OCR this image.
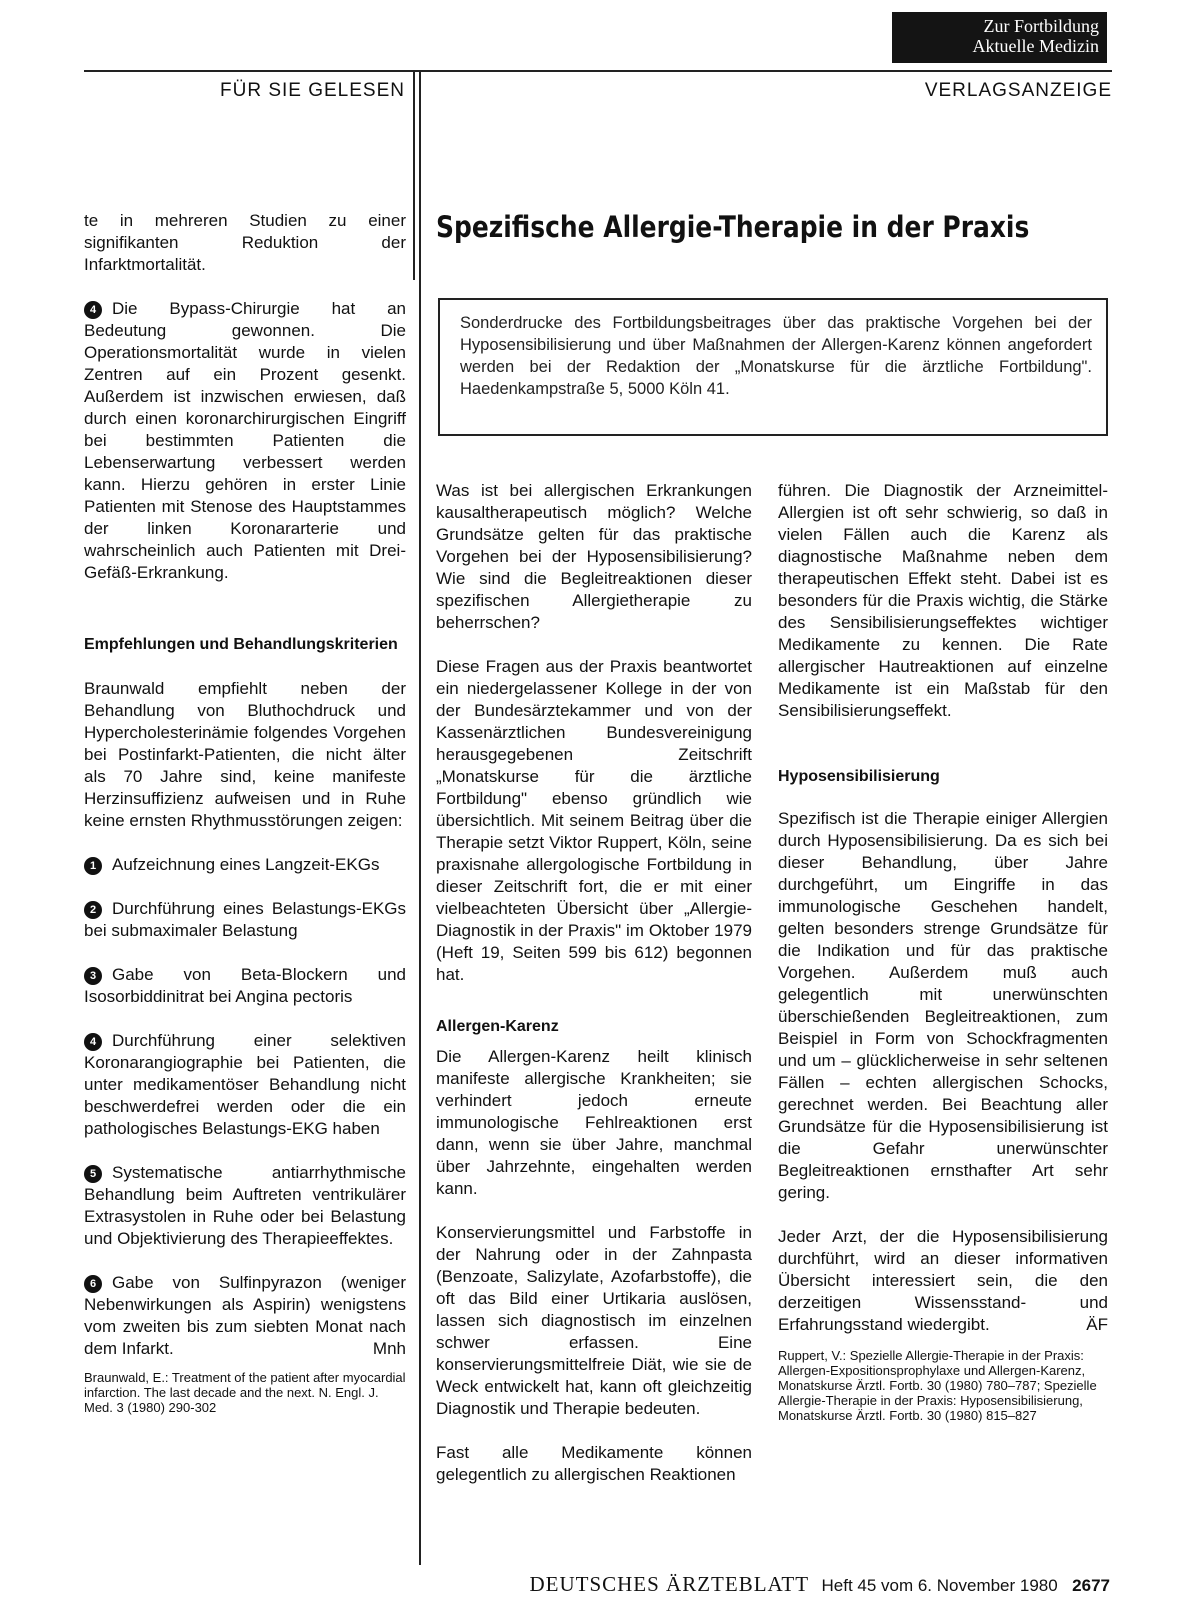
Zur Fortbildung
Aktuelle Medizin
FÜR SIE GELESEN	VERLAGSANZEIGE
Spezifische Allergie-Therapie in der Praxis
Sonderdrucke des Fortbildungsbeitrages über das praktische Vorgehen bei der Hyposensibilisierung und über Maßnahmen der Allergen-Karenz können angefordert werden bei der Redaktion der „Monatskurse für die ärztliche Fortbildung". Haedenkampstraße 5, 5000 Köln 41.

te in mehreren Studien zu einer signifikanten Reduktion der Infarktmortalität.

4 Die Bypass-Chirurgie hat an Bedeutung gewonnen. Die Operationsmortalität wurde in vielen Zentren auf ein Prozent gesenkt. Außerdem ist inzwischen erwiesen, daß durch einen koronarchirurgischen Eingriff bei bestimmten Patienten die Lebenserwartung verbessert werden kann. Hierzu gehören in erster Linie Patienten mit Stenose des Hauptstammes der linken Koronararterie und wahrscheinlich auch Patienten mit Drei-Gefäß-Erkrankung.

Empfehlungen und Behandlungskriterien

Braunwald empfiehlt neben der Behandlung von Bluthochdruck und Hypercholesterinämie folgendes Vorgehen bei Postinfarkt-Patienten, die nicht älter als 70 Jahre sind, keine manifeste Herzinsuffizienz aufweisen und in Ruhe keine ernsten Rhythmusstörungen zeigen:

1 Aufzeichnung eines Langzeit-EKGs

2 Durchführung eines Belastungs-EKGs bei submaximaler Belastung

3 Gabe von Beta-Blockern und Isosorbiddinitrat bei Angina pectoris

4 Durchführung einer selektiven Koronarangiographie bei Patienten, die unter medikamentöser Behandlung nicht beschwerdefrei werden oder die ein pathologisches Belastungs-EKG haben

5 Systematische antiarrhythmische Behandlung beim Auftreten ventrikulärer Extrasystolen in Ruhe oder bei Belastung und Objektivierung des Therapieeffektes.

6 Gabe von Sulfinpyrazon (weniger Nebenwirkungen als Aspirin) wenigstens vom zweiten bis zum siebten Monat nach dem Infarkt.	Mnh

Braunwald, E.: Treatment of the patient after myocardial infarction. The last decade and the next. N. Engl. J. Med. 3 (1980) 290-302

Was ist bei allergischen Erkrankungen kausaltherapeutisch möglich? Welche Grundsätze gelten für das praktische Vorgehen bei der Hyposensibilisierung? Wie sind die Begleitreaktionen dieser spezifischen Allergietherapie zu beherrschen?

Diese Fragen aus der Praxis beantwortet ein niedergelassener Kollege in der von der Bundesärztekammer und von der Kassenärztlichen Bundesvereinigung herausgegebenen Zeitschrift „Monatskurse für die ärztliche Fortbildung" ebenso gründlich wie übersichtlich. Mit seinem Beitrag über die Therapie setzt Viktor Ruppert, Köln, seine praxisnahe allergologische Fortbildung in dieser Zeitschrift fort, die er mit einer vielbeachteten Übersicht über „Allergie-Diagnostik in der Praxis" im Oktober 1979 (Heft 19, Seiten 599 bis 612) begonnen hat.

Allergen-Karenz

Die Allergen-Karenz heilt klinisch manifeste allergische Krankheiten; sie verhindert jedoch erneute immunologische Fehlreaktionen erst dann, wenn sie über Jahre, manchmal über Jahrzehnte, eingehalten werden kann.

Konservierungsmittel und Farbstoffe in der Nahrung oder in der Zahnpasta (Benzoate, Salizylate, Azofarbstoffe), die oft das Bild einer Urtikaria auslösen, lassen sich diagnostisch im einzelnen schwer erfassen. Eine konservierungsmittelfreie Diät, wie sie de Weck entwickelt hat, kann oft gleichzeitig Diagnostik und Therapie bedeuten.

Fast alle Medikamente können gelegentlich zu allergischen Reaktionen

führen. Die Diagnostik der Arzneimittel-Allergien ist oft sehr schwierig, so daß in vielen Fällen auch die Karenz als diagnostische Maßnahme neben dem therapeutischen Effekt steht. Dabei ist es besonders für die Praxis wichtig, die Stärke des Sensibilisierungseffektes wichtiger Medikamente zu kennen. Die Rate allergischer Hautreaktionen auf einzelne Medikamente ist ein Maßstab für den Sensibilisierungseffekt.

Hyposensibilisierung

Spezifisch ist die Therapie einiger Allergien durch Hyposensibilisierung. Da es sich bei dieser Behandlung, über Jahre durchgeführt, um Eingriffe in das immunologische Geschehen handelt, gelten besonders strenge Grundsätze für die Indikation und für das praktische Vorgehen. Außerdem muß auch gelegentlich mit unerwünschten überschießenden Begleitreaktionen, zum Beispiel in Form von Schockfragmenten und um – glücklicherweise in sehr seltenen Fällen – echten allergischen Schocks, gerechnet werden. Bei Beachtung aller Grundsätze für die Hyposensibilisierung ist die Gefahr unerwünschter Begleitreaktionen ernsthafter Art sehr gering.

Jeder Arzt, der die Hyposensibilisierung durchführt, wird an dieser informativen Übersicht interessiert sein, die den derzeitigen Wissensstand- und Erfahrungsstand wiedergibt.	ÄF

Ruppert, V.: Spezielle Allergie-Therapie in der Praxis: Allergen-Expositionsprophylaxe und Allergen-Karenz, Monatskurse Ärztl. Fortb. 30 (1980) 780–787; Spezielle Allergie-Therapie in der Praxis: Hyposensibilisierung, Monatskurse Ärztl. Fortb. 30 (1980) 815–827

DEUTSCHES ÄRZTEBLATT Heft 45 vom 6. November 1980 2677
